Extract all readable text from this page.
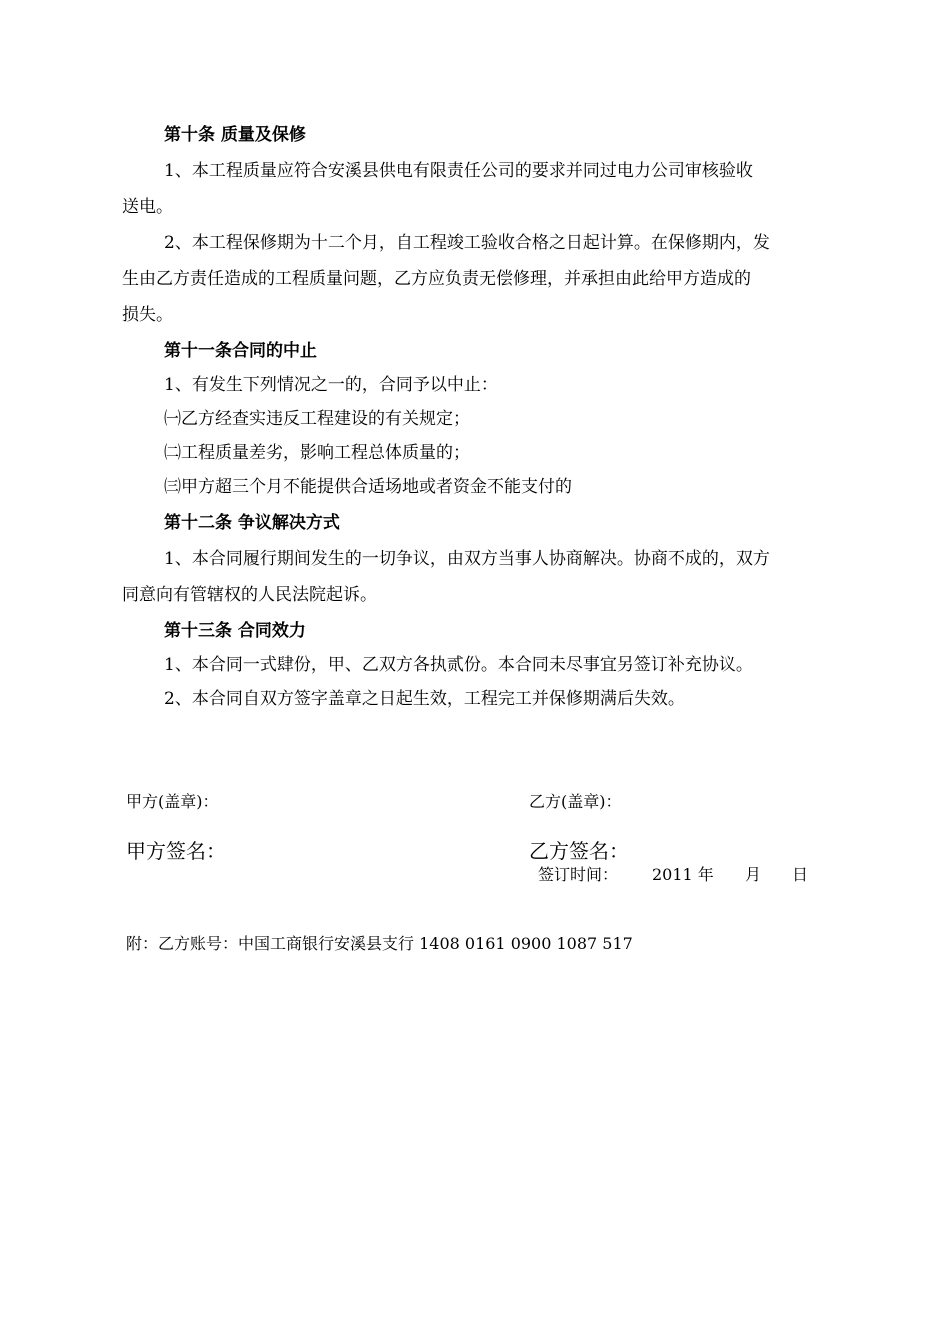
第十条 质量及保修
1、本工程质量应符合安溪县供电有限责任公司的要求并同过电力公司审核验收
送电。
2、本工程保修期为十二个月，自工程竣工验收合格之日起计算。在保修期内，发
生由乙方责任造成的工程质量问题，乙方应负责无偿修理，并承担由此给甲方造成的
损失。
第十一条合同的中止
1、有发生下列情况之一的，合同予以中止：
㈠乙方经查实违反工程建设的有关规定；
㈡工程质量差劣，影响工程总体质量的；
㈢甲方超三个月不能提供合适场地或者资金不能支付的
第十二条 争议解决方式
1、本合同履行期间发生的一切争议，由双方当事人协商解决。协商不成的，双方
同意向有管辖权的人民法院起诉。
第十三条 合同效力
1、本合同一式肆份，甲、乙双方各执贰份。本合同未尽事宜另签订补充协议。
2、本合同自双方签字盖章之日起生效，工程完工并保修期满后失效。
甲方(盖章)：	乙方(盖章)：
甲方签名：	乙方签名：
签订时间： 2011 年 月 日
附：乙方账号：中国工商银行安溪县支行 1408 0161 0900 1087 517
